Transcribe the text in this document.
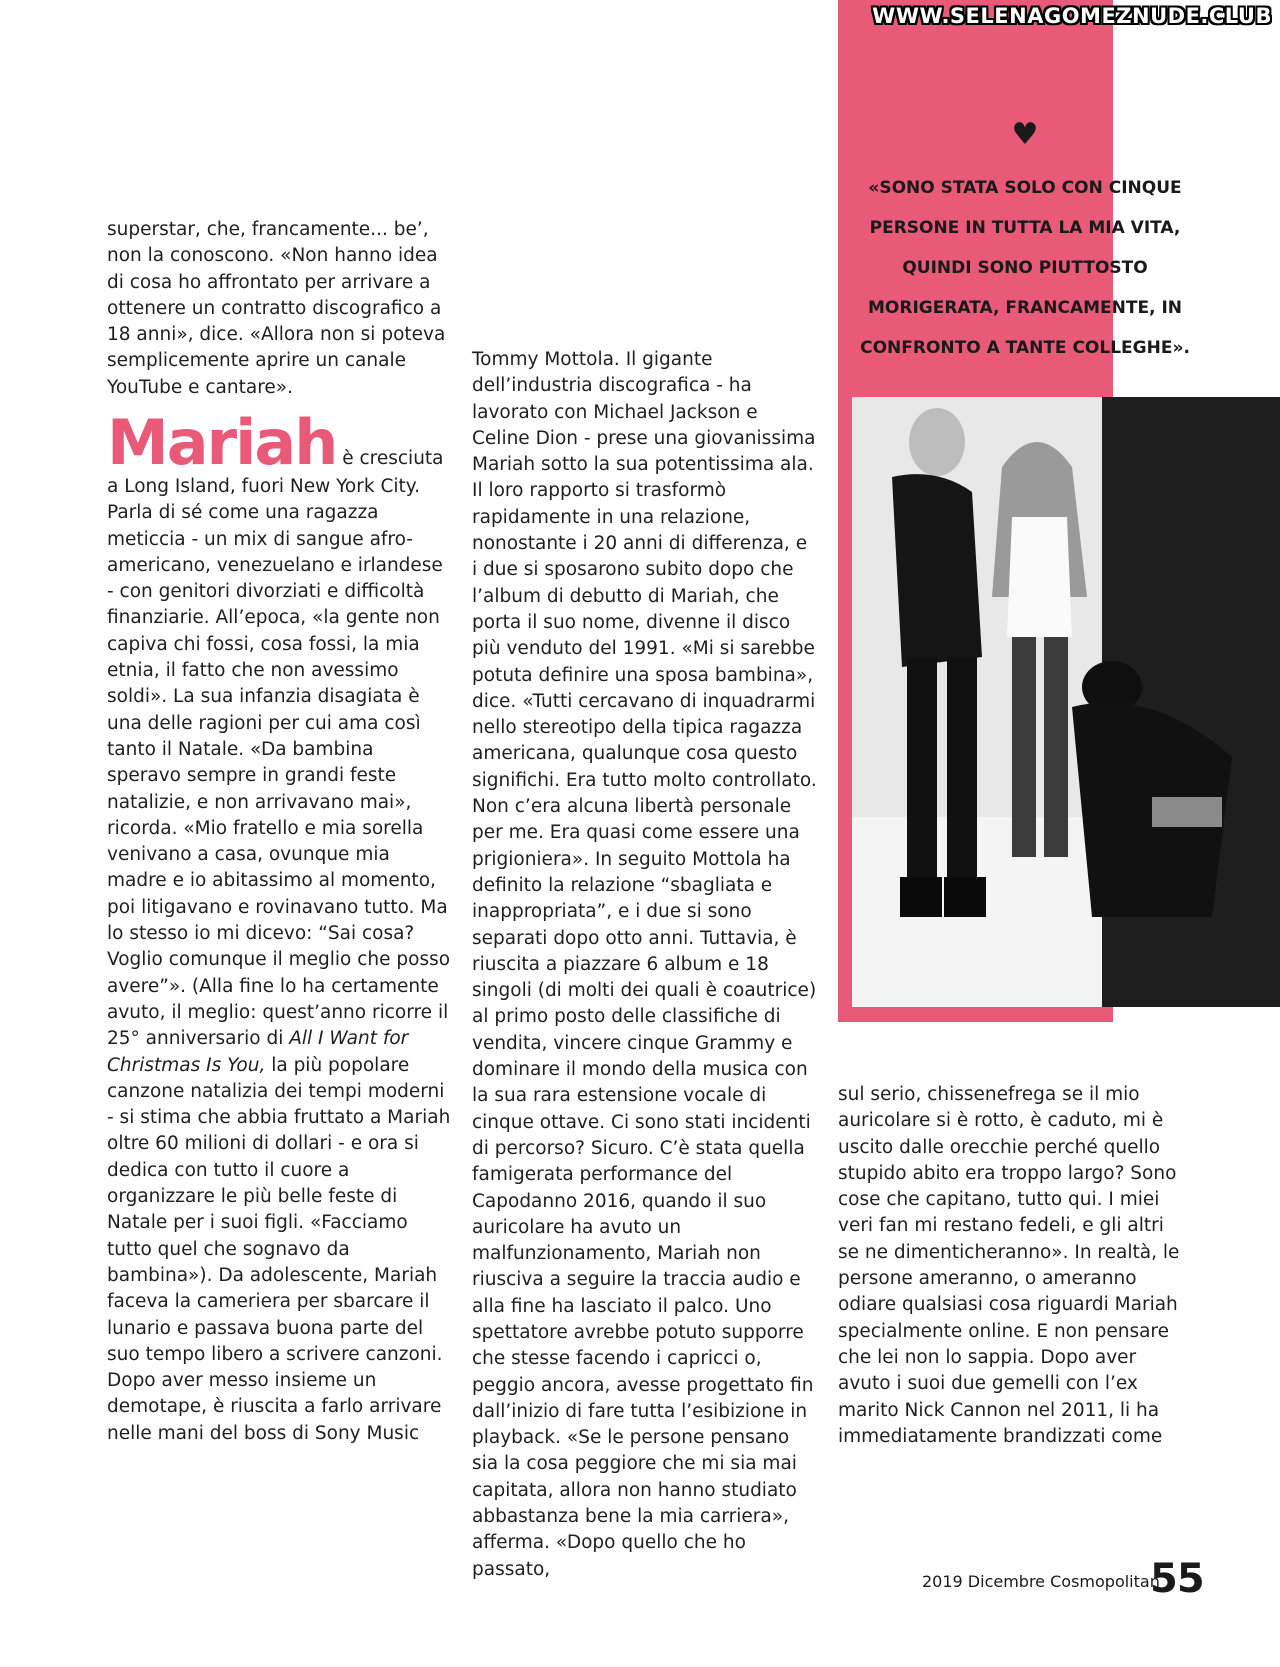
WWW.SELENAGOMEZNUDE.CLUB
♥
«SONO STATA SOLO CON CINQUE PERSONE IN TUTTA LA MIA VITA, QUINDI SONO PIUTTOSTO MORIGERATA, FRANCAMENTE, IN CONFRONTO A TANTE COLLEGHE».

superstar, che, francamente... be’, non la conoscono. «Non hanno idea di cosa ho affrontato per arrivare a ottenere un contratto discografico a 18 anni», dice. «Allora non si poteva semplicemente aprire un canale YouTube e cantare».

Mariah è cresciuta a Long Island, fuori New York City. Parla di sé come una ragazza meticcia - un mix di sangue afro-americano, venezuelano e irlandese - con genitori divorziati e difficoltà finanziarie. All’epoca, «la gente non capiva chi fossi, cosa fossi, la mia etnia, il fatto che non avessimo soldi». La sua infanzia disagiata è una delle ragioni per cui ama così tanto il Natale. «Da bambina speravo sempre in grandi feste natalizie, e non arrivavano mai», ricorda. «Mio fratello e mia sorella venivano a casa, ovunque mia madre e io abitassimo al momento, poi litigavano e rovinavano tutto. Ma lo stesso io mi dicevo: “Sai cosa? Voglio comunque il meglio che posso avere”». (Alla fine lo ha certamente avuto, il meglio: quest’anno ricorre il 25° anniversario di All I Want for Christmas Is You, la più popolare canzone natalizia dei tempi moderni - si stima che abbia fruttato a Mariah oltre 60 milioni di dollari - e ora si dedica con tutto il cuore a organizzare le più belle feste di Natale per i suoi figli. «Facciamo tutto quel che sognavo da bambina»). Da adolescente, Mariah faceva la cameriera per sbarcare il lunario e passava buona parte del suo tempo libero a scrivere canzoni. Dopo aver messo insieme un demotape, è riuscita a farlo arrivare nelle mani del boss di Sony Music

Tommy Mottola. Il gigante dell’industria discografica - ha lavorato con Michael Jackson e Celine Dion - prese una giovanissima Mariah sotto la sua potentissima ala. Il loro rapporto si trasformò rapidamente in una relazione, nonostante i 20 anni di differenza, e i due si sposarono subito dopo che l’album di debutto di Mariah, che porta il suo nome, divenne il disco più venduto del 1991. «Mi si sarebbe potuta definire una sposa bambina», dice. «Tutti cercavano di inquadrarmi nello stereotipo della tipica ragazza americana, qualunque cosa questo significhi. Era tutto molto controllato. Non c’era alcuna libertà personale per me. Era quasi come essere una prigioniera». In seguito Mottola ha definito la relazione “sbagliata e inappropriata”, e i due si sono separati dopo otto anni. Tuttavia, è riuscita a piazzare 6 album e 18 singoli (di molti dei quali è coautrice) al primo posto delle classifiche di vendita, vincere cinque Grammy e dominare il mondo della musica con la sua rara estensione vocale di cinque ottave. Ci sono stati incidenti di percorso? Sicuro. C’è stata quella famigerata performance del Capodanno 2016, quando il suo auricolare ha avuto un malfunzionamento, Mariah non riusciva a seguire la traccia audio e alla fine ha lasciato il palco. Uno spettatore avrebbe potuto supporre che stesse facendo i capricci o, peggio ancora, avesse progettato fin dall’inizio di fare tutta l’esibizione in playback. «Se le persone pensano sia la cosa peggiore che mi sia mai capitata, allora non hanno studiato abbastanza bene la mia carriera», afferma. «Dopo quello che ho passato,

sul serio, chissenefrega se il mio auricolare si è rotto, è caduto, mi è uscito dalle orecchie perché quello stupido abito era troppo largo? Sono cose che capitano, tutto qui. I miei veri fan mi restano fedeli, e gli altri se ne dimenticheranno». In realtà, le persone ameranno, o ameranno odiare qualsiasi cosa riguardi Mariah specialmente online. E non pensare che lei non lo sappia. Dopo aver avuto i suoi due gemelli con l’ex marito Nick Cannon nel 2011, li ha immediatamente brandizzati come

2019 Dicembre Cosmopolitan
55
